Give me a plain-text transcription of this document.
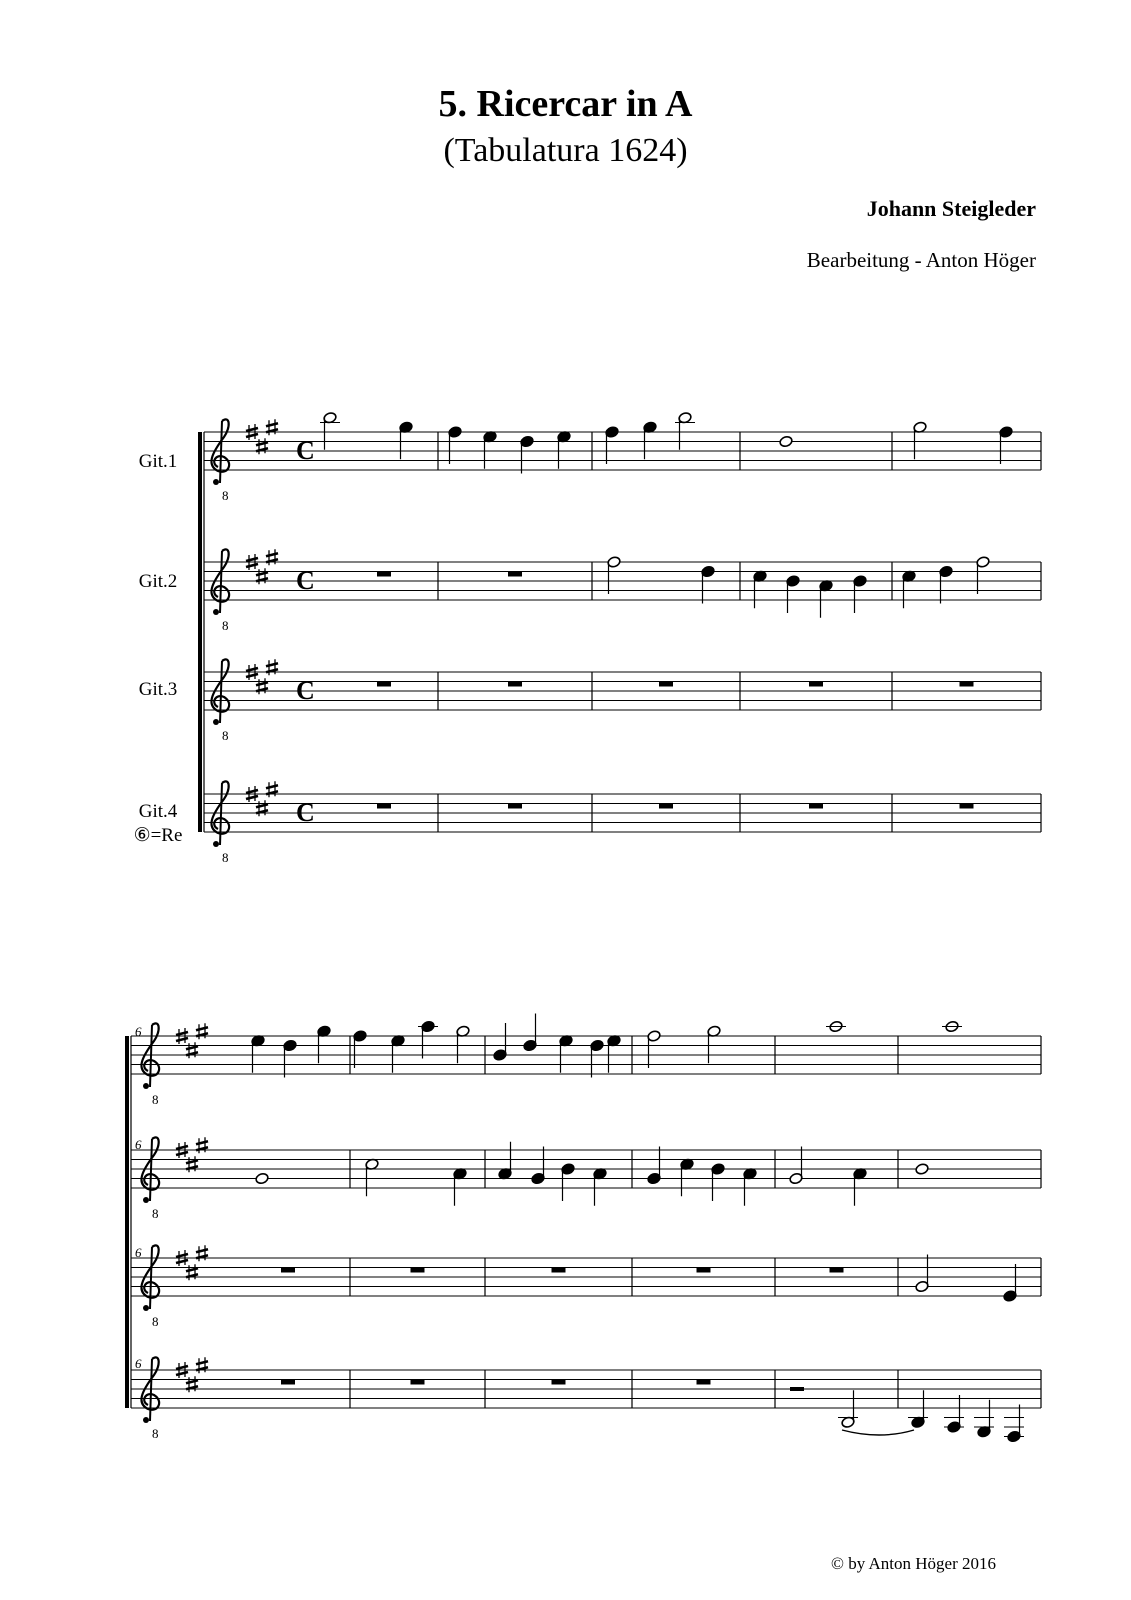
5. Ricercar in A
(Tabulatura 1624)
Johann Steigleder
Bearbeitung - Anton Höger
Git.1
Git.2
Git.3
Git.4
⑥=Re
6
6
6
6
© by Anton Höger 2016
8
C
8
C
8
C
8
C
8
8
8
8
